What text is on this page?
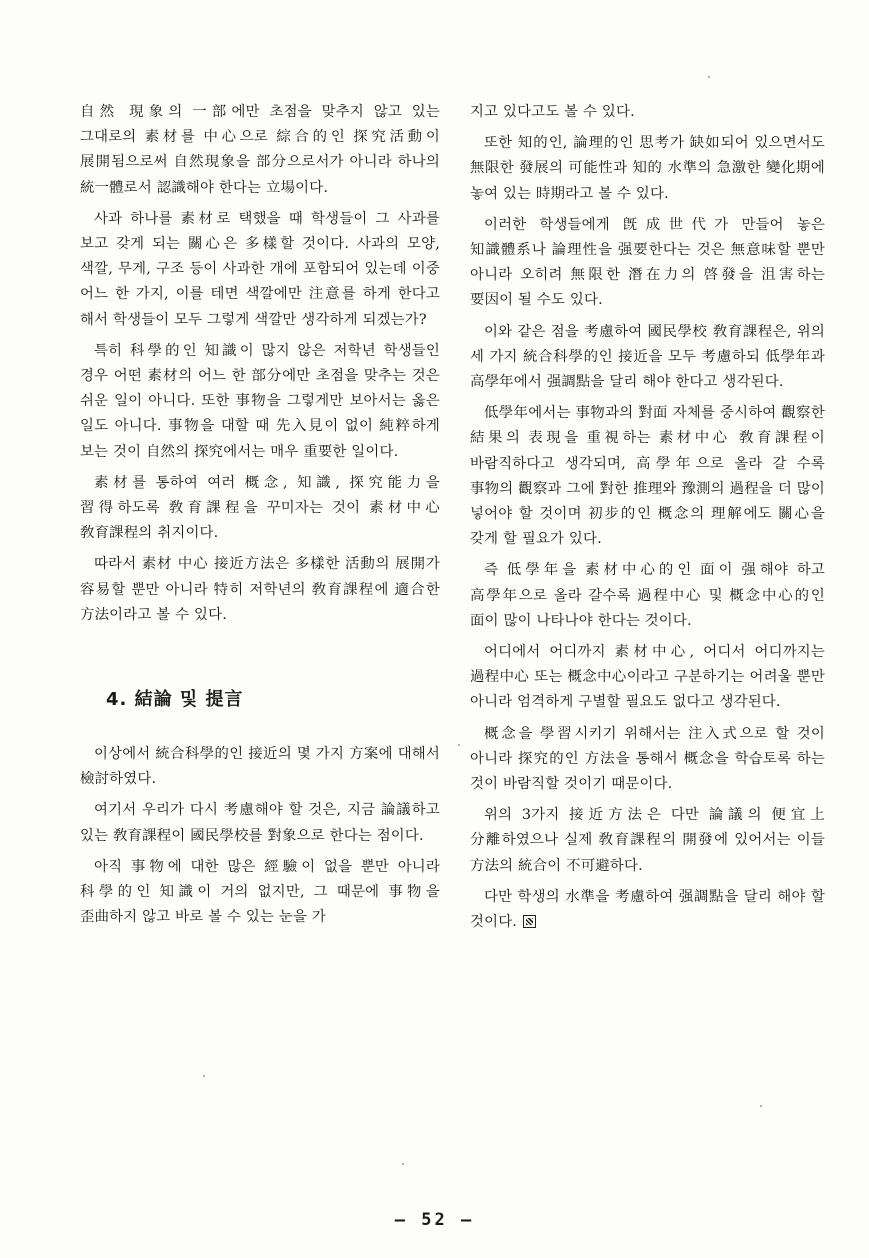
自然 現象의 一部에만 초점을 맞추지 않고 있는 그대로의 素材를 中心으로 綜合的인 探究活動이 展開됨으로써 自然現象을 部分으로서가 아니라 하나의 統一體로서 認識해야 한다는 立場이다.

사과 하나를 素材로 택했을 때 학생들이 그 사과를 보고 갖게 되는 關心은 多樣할 것이다. 사과의 모양, 색깔, 무게, 구조 등이 사과한 개에 포함되어 있는데 이중 어느 한 가지, 이를 테면 색깔에만 注意를 하게 한다고 해서 학생들이 모두 그렇게 색깔만 생각하게 되겠는가?

특히 科學的인 知識이 많지 않은 저학년 학생들인 경우 어떤 素材의 어느 한 部分에만 초점을 맞추는 것은 쉬운 일이 아니다. 또한 事物을 그렇게만 보아서는 옳은 일도 아니다. 事物을 대할 때 先入見이 없이 純粹하게 보는 것이 自然의 探究에서는 매우 重要한 일이다.

素材를 통하여 여러 概念, 知識, 探究能力을 習得하도록 敎育課程을 꾸미자는 것이 素材中心 敎育課程의 취지이다.

따라서 素材 中心 接近方法은 多樣한 活動의 展開가 容易할 뿐만 아니라 特히 저학년의 敎育課程에 適合한 方法이라고 볼 수 있다.

4. 結論 및 提言

이상에서 統合科學的인 接近의 몇 가지 方案에 대해서 檢討하였다.

여기서 우리가 다시 考慮해야 할 것은, 지금 論議하고 있는 敎育課程이 國民學校를 對象으로 한다는 점이다.

아직 事物에 대한 많은 經驗이 없을 뿐만 아니라 科學的인 知識이 거의 없지만, 그 때문에 事物을 歪曲하지 않고 바로 볼 수 있는 눈을 가

지고 있다고도 볼 수 있다.

또한 知的인, 論理的인 思考가 缺如되어 있으면서도 無限한 發展의 可能性과 知的 水準의 急激한 變化期에 놓여 있는 時期라고 볼 수 있다.

이러한 학생들에게 旣成世代가 만들어 놓은 知識體系나 論理性을 强要한다는 것은 無意味할 뿐만 아니라 오히려 無限한 潛在力의 啓發을 沮害하는 要因이 될 수도 있다.

이와 같은 점을 考慮하여 國民學校 敎育課程은, 위의 세 가지 統合科學的인 接近을 모두 考慮하되 低學年과 高學年에서 强調點을 달리 해야 한다고 생각된다.

低學年에서는 事物과의 對面 자체를 중시하여 觀察한 結果의 表現을 重視하는 素材中心 敎育課程이 바람직하다고 생각되며, 高學年으로 올라 갈 수록 事物의 觀察과 그에 對한 推理와 豫測의 過程을 더 많이 넣어야 할 것이며 初步的인 概念의 理解에도 關心을 갖게 할 필요가 있다.

즉 低學年을 素材中心的인 面이 强해야 하고 高學年으로 올라 갈수록 過程中心 및 概念中心的인 面이 많이 나타나야 한다는 것이다.

어디에서 어디까지 素材中心, 어디서 어디까지는 過程中心 또는 概念中心이라고 구분하기는 어려울 뿐만 아니라 엄격하게 구별할 필요도 없다고 생각된다.

概念을 學習시키기 위해서는 注入式으로 할 것이 아니라 探究的인 方法을 통해서 概念을 학습토록 하는 것이 바람직할 것이기 때문이다.

위의 3가지 接近方法은 다만 論議의 便宜上 分離하였으나 실제 敎育課程의 開發에 있어서는 이들 方法의 統合이 不可避하다.

다만 학생의 水準을 考慮하여 强調點을 달리 해야 할 것이다.

— 52 —
